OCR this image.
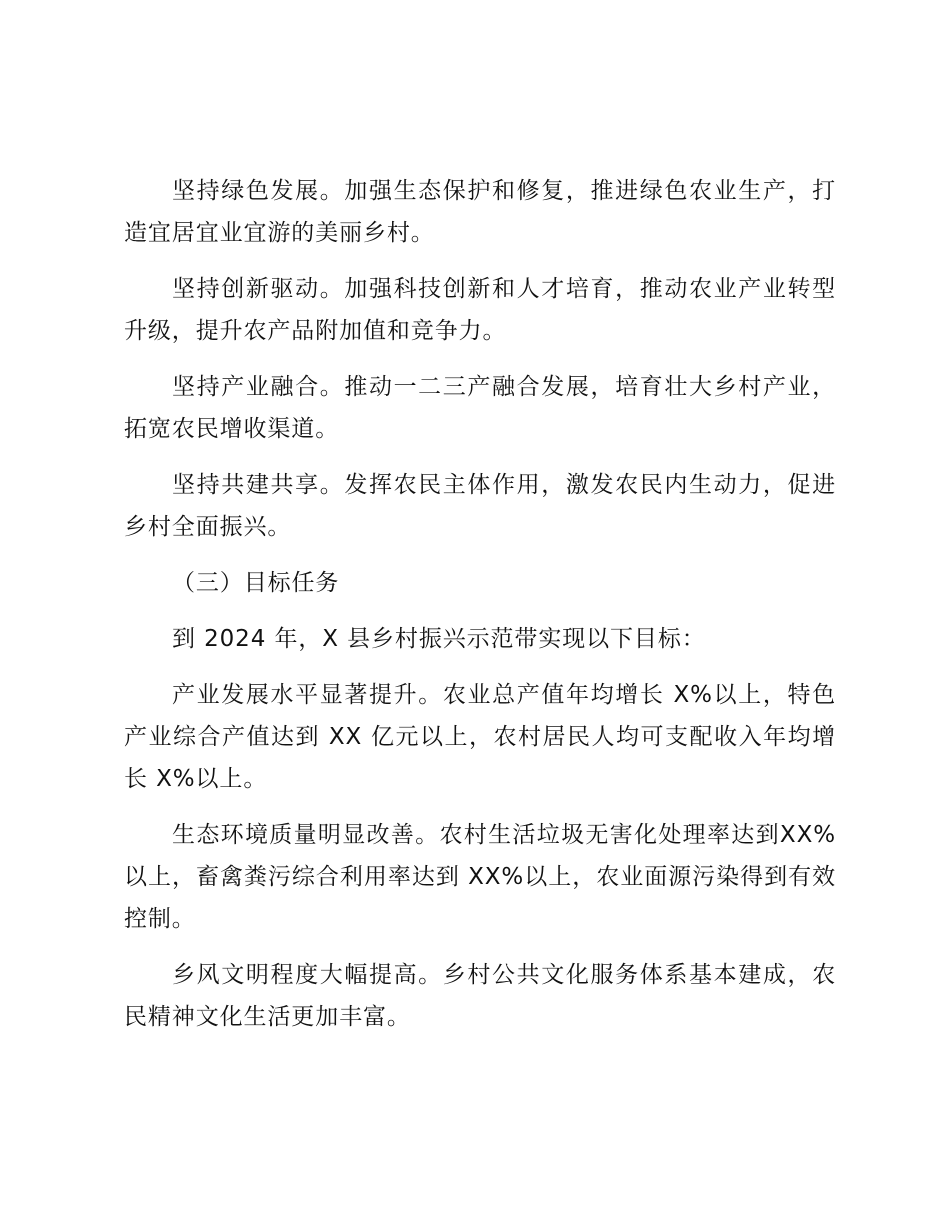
坚持绿色发展。加强生态保护和修复，推进绿色农业生产，打造宜居宜业宜游的美丽乡村。

坚持创新驱动。加强科技创新和人才培育，推动农业产业转型升级，提升农产品附加值和竞争力。

坚持产业融合。推动一二三产融合发展，培育壮大乡村产业，拓宽农民增收渠道。

坚持共建共享。发挥农民主体作用，激发农民内生动力，促进乡村全面振兴。

（三）目标任务

到 2024 年，X 县乡村振兴示范带实现以下目标：

产业发展水平显著提升。农业总产值年均增长 X%以上，特色产业综合产值达到 XX 亿元以上，农村居民人均可支配收入年均增长 X%以上。

生态环境质量明显改善。农村生活垃圾无害化处理率达到XX%以上，畜禽粪污综合利用率达到 XX%以上，农业面源污染得到有效控制。

乡风文明程度大幅提高。乡村公共文化服务体系基本建成，农民精神文化生活更加丰富。
